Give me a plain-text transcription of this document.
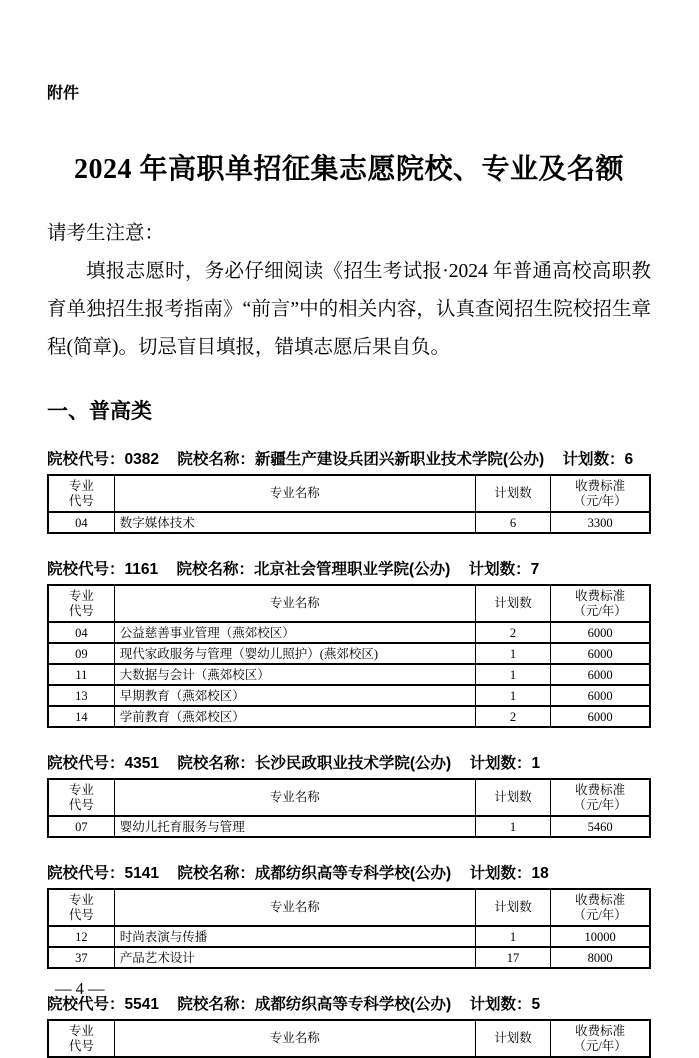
附件
2024 年高职单招征集志愿院校、专业及名额
请考生注意：

填报志愿时，务必仔细阅读《招生考试报·2024 年普通高校高职教育单独招生报考指南》“前言”中的相关内容，认真查阅招生院校招生章程(简章)。切忌盲目填报，错填志愿后果自负。

一、普高类
院校代号：0382 院校名称：新疆生产建设兵团兴新职业技术学院(公办) 计划数：6
专业
代号	专业名称	计划数	收费标准
（元/年）
04	数字媒体技术	6	3300
院校代号：1161 院校名称：北京社会管理职业学院(公办) 计划数：7
专业
代号	专业名称	计划数	收费标准
（元/年）
04	公益慈善事业管理（燕郊校区）	2	6000
09	现代家政服务与管理（婴幼儿照护）(燕郊校区)	1	6000
11	大数据与会计（燕郊校区）	1	6000
13	早期教育（燕郊校区）	1	6000
14	学前教育（燕郊校区）	2	6000
院校代号：4351 院校名称：长沙民政职业技术学院(公办) 计划数：1
专业
代号	专业名称	计划数	收费标准
（元/年）
07	婴幼儿托育服务与管理	1	5460
院校代号：5141 院校名称：成都纺织高等专科学校(公办) 计划数：18
专业
代号	专业名称	计划数	收费标准
（元/年）
12	时尚表演与传播	1	10000
37	产品艺术设计	17	8000
院校代号：5541 院校名称：成都纺织高等专科学校(公办) 计划数：5
专业
代号	专业名称	计划数	收费标准
（元/年）
— 4 —
